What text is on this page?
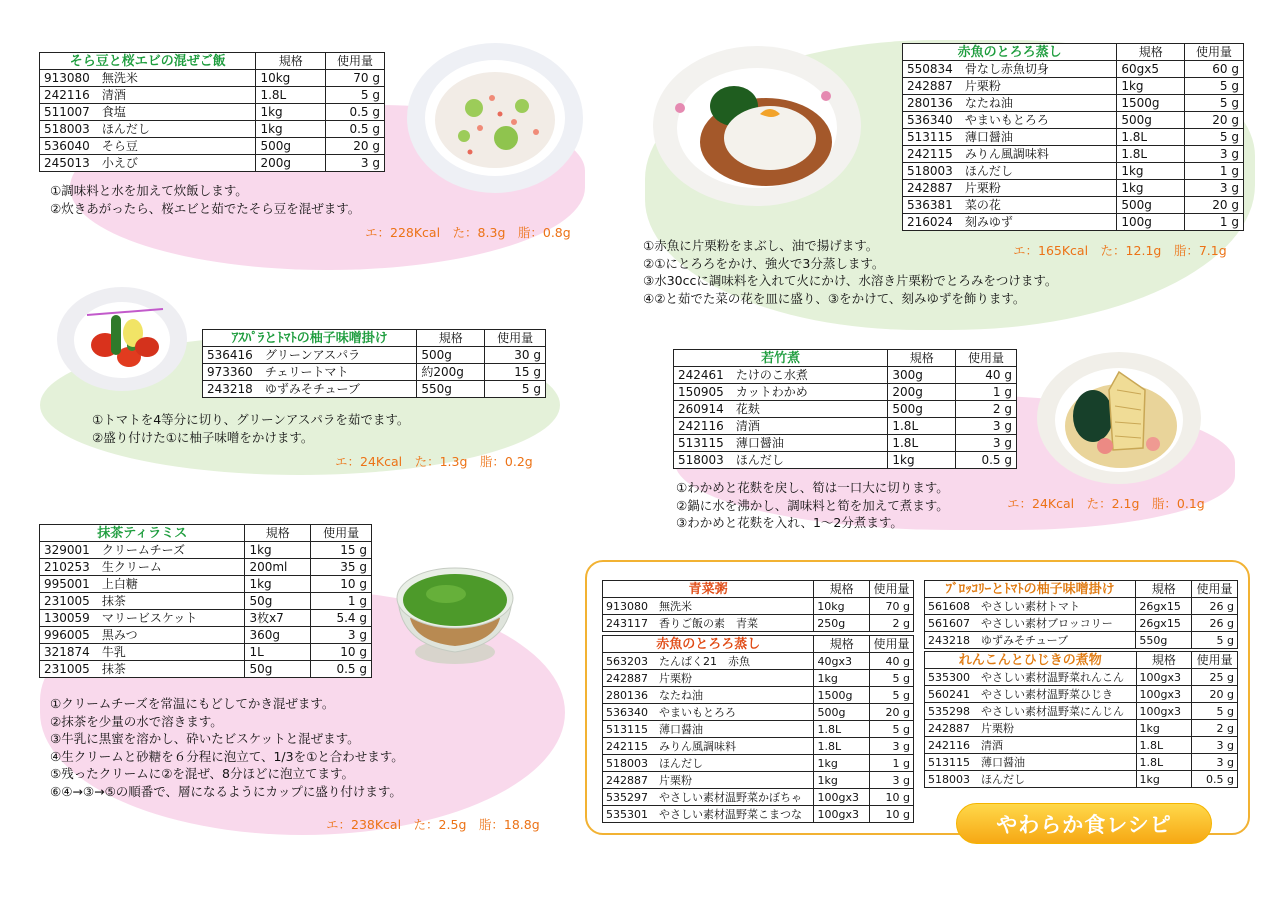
そら豆と桜エビの混ぜご飯	規格	使用量
913080　 無洗米	10kg	70 g
242116　 清酒	1.8L	5 g
511007　 食塩	1kg	0.5 g
518003　 ほんだし	1kg	0.5 g
536040　 そら豆	500g	20 g
245013　 小えび	200g	3 g
①調味料と水を加えて炊飯します。
②炊きあがったら、桜エビと茹でたそら豆を混ぜます。
エ：228Kcal　た：8.3g　脂：0.8g
赤魚のとろろ蒸し	規格	使用量
550834　 骨なし赤魚切身	60gx5	60 g
242887　 片栗粉	1kg	5 g
280136　 なたね油	1500g	5 g
536340　 やまいもとろろ	500g	20 g
513115　 薄口醤油	1.8L	5 g
242115　 みりん風調味料	1.8L	3 g
518003　 ほんだし	1kg	1 g
242887　 片栗粉	1kg	3 g
536381　 菜の花	500g	20 g
216024　 刻みゆず	100g	1 g
①赤魚に片栗粉をまぶし、油で揚げます。
②①にとろろをかけ、強火で3分蒸します。
③水30ccに調味料を入れて火にかけ、水溶き片栗粉でとろみをつけます。
④②と茹でた菜の花を皿に盛り、③をかけて、刻みゆずを飾ります。
エ：165Kcal　た：12.1g　脂：7.1g
ｱｽﾊﾟﾗとﾄﾏﾄの柚子味噌掛け	規格	使用量
536416　 グリーンアスパラ	500g	30 g
973360　 チェリートマト	約200g	15 g
243218　 ゆずみそチューブ	550g	5 g
①トマトを4等分に切り、グリーンアスパラを茹でます。
②盛り付けた①に柚子味噌をかけます。
エ：24Kcal　た：1.3g　脂：0.2g
若竹煮	規格	使用量
242461　 たけのこ水煮	300g	40 g
150905　 カットわかめ	200g	1 g
260914　 花麸	500g	2 g
242116　 清酒	1.8L	3 g
513115　 薄口醤油	1.8L	3 g
518003　 ほんだし	1kg	0.5 g
①わかめと花麩を戻し、筍は一口大に切ります。
②鍋に水を沸かし、調味料と筍を加えて煮ます。
③わかめと花麩を入れ、1～2分煮ます。
エ：24Kcal　た：2.1g　脂：0.1g
抹茶ティラミス	規格	使用量
329001　 クリームチーズ	1kg	15 g
210253　 生クリーム	200ml	35 g
995001　 上白糖	1kg	10 g
231005　 抹茶	50g	1 g
130059　 マリービスケット	3枚x7	5.4 g
996005　 黒みつ	360g	3 g
321874　 牛乳	1L	10 g
231005　 抹茶	50g	0.5 g
①クリームチーズを常温にもどしてかき混ぜます。
②抹茶を少量の水で溶きます。
③牛乳に黒蜜を溶かし、砕いたビスケットと混ぜます。
④生クリームと砂糖を６分程に泡立て、1/3を①と合わせます。
⑤残ったクリームに②を混ぜ、8分ほどに泡立てます。
⑥④→③→⑤の順番で、層になるようにカップに盛り付けます。
エ：238Kcal　た：2.5g　脂：18.8g
青菜粥	規格	使用量
913080　 無洗米	10kg	70 g
243117　 香りご飯の素　青菜	250g	2 g
赤魚のとろろ蒸し	規格	使用量
563203　 たんぱく21　赤魚	40gx3	40 g
242887　 片栗粉	1kg	5 g
280136　 なたね油	1500g	5 g
536340　 やまいもとろろ	500g	20 g
513115　 薄口醤油	1.8L	5 g
242115　 みりん風調味料	1.8L	3 g
518003　 ほんだし	1kg	1 g
242887　 片栗粉	1kg	3 g
535297　 やさしい素材温野菜かぼちゃ	100gx3	10 g
535301　 やさしい素材温野菜こまつな	100gx3	10 g
ﾌﾞﾛｯｺﾘｰとﾄﾏﾄの柚子味噌掛け	規格	使用量
561608　 やさしい素材トマト	26gx15	26 g
561607　 やさしい素材ブロッコリー	26gx15	26 g
243218　 ゆずみそチューブ	550g	5 g
れんこんとひじきの煮物	規格	使用量
535300　 やさしい素材温野菜れんこん	100gx3	25 g
560241　 やさしい素材温野菜ひじき	100gx3	20 g
535298　 やさしい素材温野菜にんじん	100gx3	5 g
242887　 片栗粉	1kg	2 g
242116　 清酒	1.8L	3 g
513115　 薄口醤油	1.8L	3 g
518003　 ほんだし	1kg	0.5 g
やわらか食レシピ
